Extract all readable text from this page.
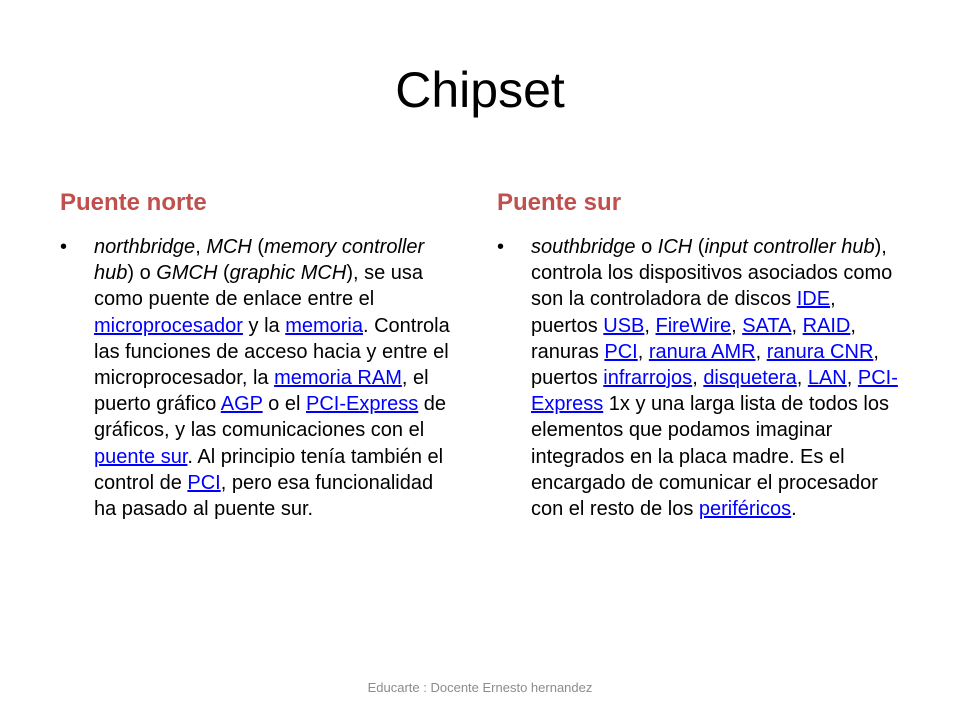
Chipset
Puente norte

• northbridge, MCH (memory controller hub) o GMCH (graphic MCH), se usa como puente de enlace entre el microprocesador y la memoria. Controla las funciones de acceso hacia y entre el microprocesador, la memoria RAM, el puerto gráfico AGP o el PCI-Express de gráficos, y las comunicaciones con el puente sur. Al principio tenía también el control de PCI, pero esa funcionalidad ha pasado al puente sur.

Puente sur

• southbridge o ICH (input controller hub), controla los dispositivos asociados como son la controladora de discos IDE, puertos USB, FireWire, SATA, RAID, ranuras PCI, ranura AMR, ranura CNR, puertos infrarrojos, disquetera, LAN, PCI-Express 1x y una larga lista de todos los elementos que podamos imaginar integrados en la placa madre. Es el encargado de comunicar el procesador con el resto de los periféricos.

Educarte : Docente Ernesto hernandez
